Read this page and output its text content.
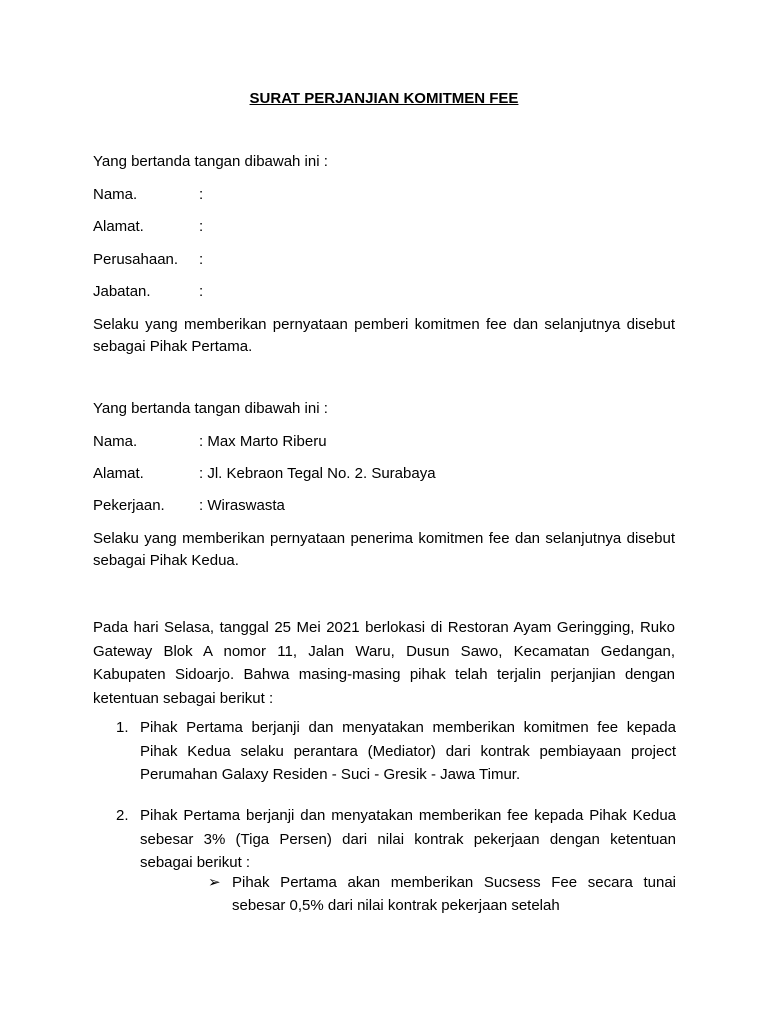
SURAT PERJANJIAN KOMITMEN FEE
Yang bertanda tangan dibawah ini :
Nama.	:
Alamat.	:
Perusahaan. :
Jabatan.	:
Selaku yang memberikan pernyataan pemberi komitmen fee dan selanjutnya disebut sebagai Pihak Pertama.
Yang bertanda tangan dibawah ini :
Nama.	: Max Marto Riberu
Alamat.	: Jl. Kebraon Tegal No. 2. Surabaya
Pekerjaan. : Wiraswasta
Selaku yang memberikan pernyataan penerima komitmen fee dan selanjutnya disebut sebagai Pihak Kedua.
Pada hari Selasa, tanggal 25 Mei 2021 berlokasi di Restoran Ayam Geringging, Ruko Gateway Blok A nomor 11, Jalan Waru, Dusun Sawo, Kecamatan Gedangan, Kabupaten Sidoarjo. Bahwa masing-masing pihak telah terjalin perjanjian dengan ketentuan sebagai berikut :
1. Pihak Pertama berjanji dan menyatakan memberikan komitmen fee kepada Pihak Kedua selaku perantara (Mediator) dari kontrak pembiayaan project Perumahan Galaxy Residen - Suci - Gresik - Jawa Timur.
2. Pihak Pertama berjanji dan menyatakan memberikan fee kepada Pihak Kedua sebesar 3% (Tiga Persen) dari nilai kontrak pekerjaan dengan ketentuan sebagai berikut :
➢ Pihak Pertama akan memberikan Sucsess Fee secara tunai sebesar 0,5% dari nilai kontrak pekerjaan setelah
